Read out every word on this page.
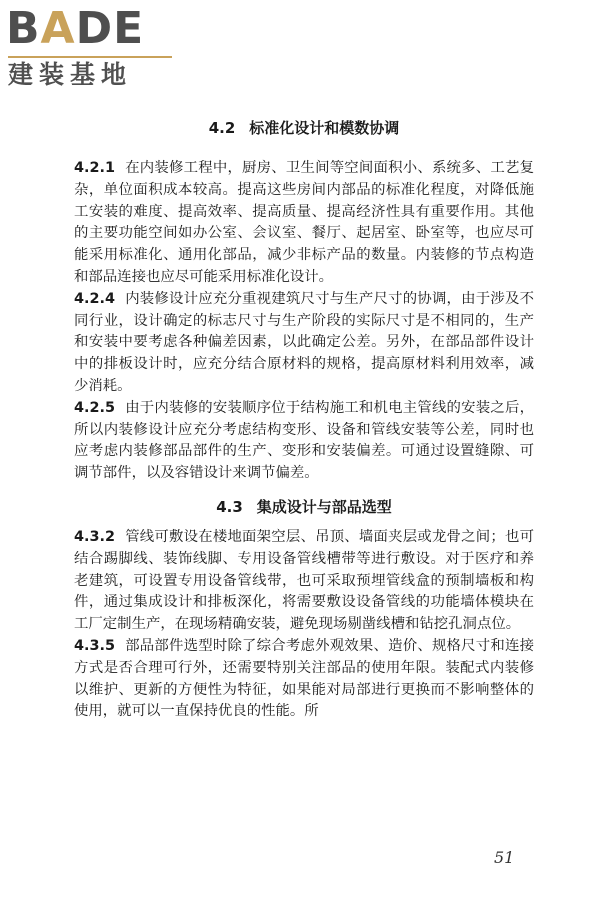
BADE
建装基地
4.2 标准化设计和模数协调

4.2.1 在内装修工程中，厨房、卫生间等空间面积小、系统多、工艺复杂，单位面积成本较高。提高这些房间内部品的标准化程度，对降低施工安装的难度、提高效率、提高质量、提高经济性具有重要作用。其他的主要功能空间如办公室、会议室、餐厅、起居室、卧室等，也应尽可能采用标准化、通用化部品，减少非标产品的数量。内装修的节点构造和部品连接也应尽可能采用标准化设计。

4.2.4 内装修设计应充分重视建筑尺寸与生产尺寸的协调，由于涉及不同行业，设计确定的标志尺寸与生产阶段的实际尺寸是不相同的，生产和安装中要考虑各种偏差因素，以此确定公差。另外，在部品部件设计中的排板设计时，应充分结合原材料的规格，提高原材料利用效率，减少消耗。

4.2.5 由于内装修的安装顺序位于结构施工和机电主管线的安装之后，所以内装修设计应充分考虑结构变形、设备和管线安装等公差，同时也应考虑内装修部品部件的生产、变形和安装偏差。可通过设置缝隙、可调节部件，以及容错设计来调节偏差。

4.3 集成设计与部品选型

4.3.2 管线可敷设在楼地面架空层、吊顶、墙面夹层或龙骨之间；也可结合踢脚线、装饰线脚、专用设备管线槽带等进行敷设。对于医疗和养老建筑，可设置专用设备管线带，也可采取预埋管线盒的预制墙板和构件，通过集成设计和排板深化，将需要敷设设备管线的功能墙体模块在工厂定制生产，在现场精确安装，避免现场剔凿线槽和钻挖孔洞点位。

4.3.5 部品部件选型时除了综合考虑外观效果、造价、规格尺寸和连接方式是否合理可行外，还需要特别关注部品的使用年限。装配式内装修以维护、更新的方便性为特征，如果能对局部进行更换而不影响整体的使用，就可以一直保持优良的性能。所

51
